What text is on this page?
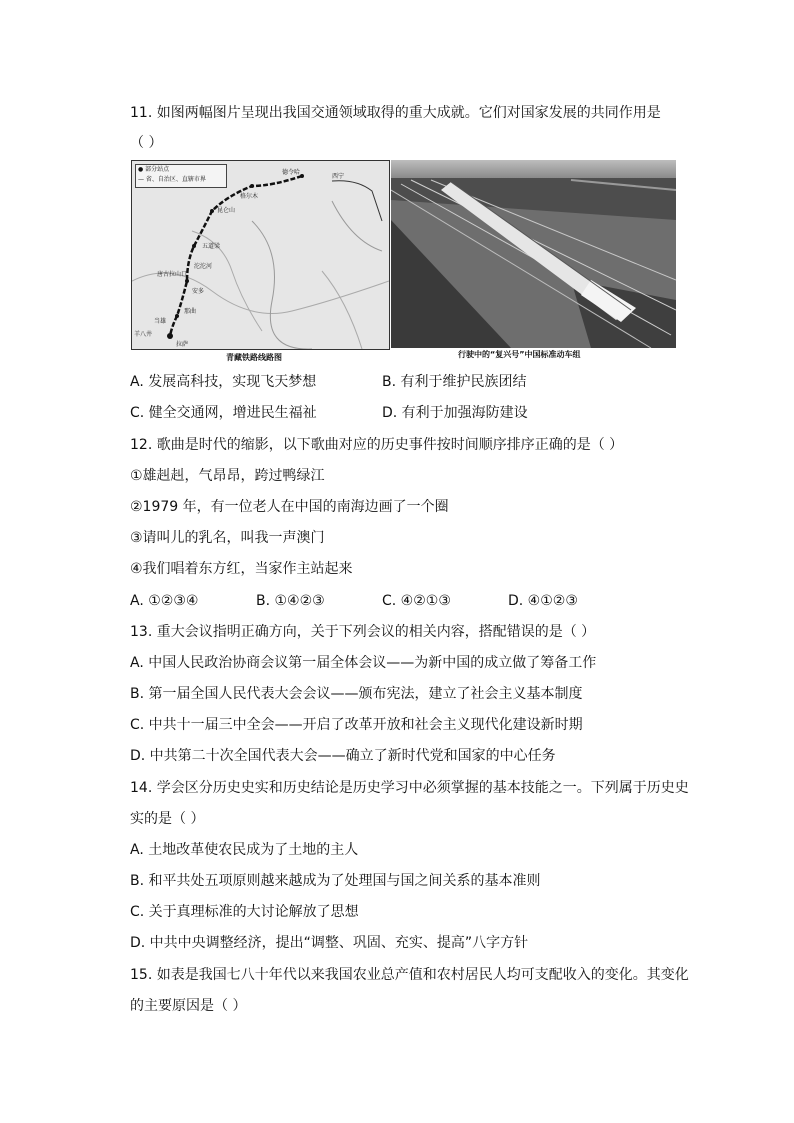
11. 如图两幅图片呈现出我国交通领域取得的重大成就。它们对国家发展的共同作用是
（ ）
● 部分站点
— 省、自治区、直辖市界
格尔木
西宁
德令哈
昆仑山
五道梁
沱沱河
唐古拉山口
安多
那曲
当雄
羊八井
拉萨
青藏铁路线路图	行驶中的“复兴号”中国标准动车组
A. 发展高科技，实现飞天梦想	B. 有利于维护民族团结
C. 健全交通网，增进民生福祉	D. 有利于加强海防建设
12. 歌曲是时代的缩影，以下歌曲对应的历史事件按时间顺序排序正确的是（ ）
①雄赳赳，气昂昂，跨过鸭绿江
②1979 年，有一位老人在中国的南海边画了一个圈
③请叫儿的乳名，叫我一声澳门
④我们唱着东方红，当家作主站起来
A. ①②③④	B. ①④②③	C. ④②①③	D. ④①②③
13. 重大会议指明正确方向，关于下列会议的相关内容，搭配错误的是（ ）
A. 中国人民政治协商会议第一届全体会议——为新中国的成立做了筹备工作
B. 第一届全国人民代表大会会议——颁布宪法，建立了社会主义基本制度
C. 中共十一届三中全会——开启了改革开放和社会主义现代化建设新时期
D. 中共第二十次全国代表大会——确立了新时代党和国家的中心任务
14. 学会区分历史史实和历史结论是历史学习中必须掌握的基本技能之一。下列属于历史史
实的是（ ）
A. 土地改革使农民成为了土地的主人
B. 和平共处五项原则越来越成为了处理国与国之间关系的基本准则
C. 关于真理标准的大讨论解放了思想
D. 中共中央调整经济，提出“调整、巩固、充实、提高”八字方针
15. 如表是我国七八十年代以来我国农业总产值和农村居民人均可支配收入的变化。其变化
的主要原因是（ ）
